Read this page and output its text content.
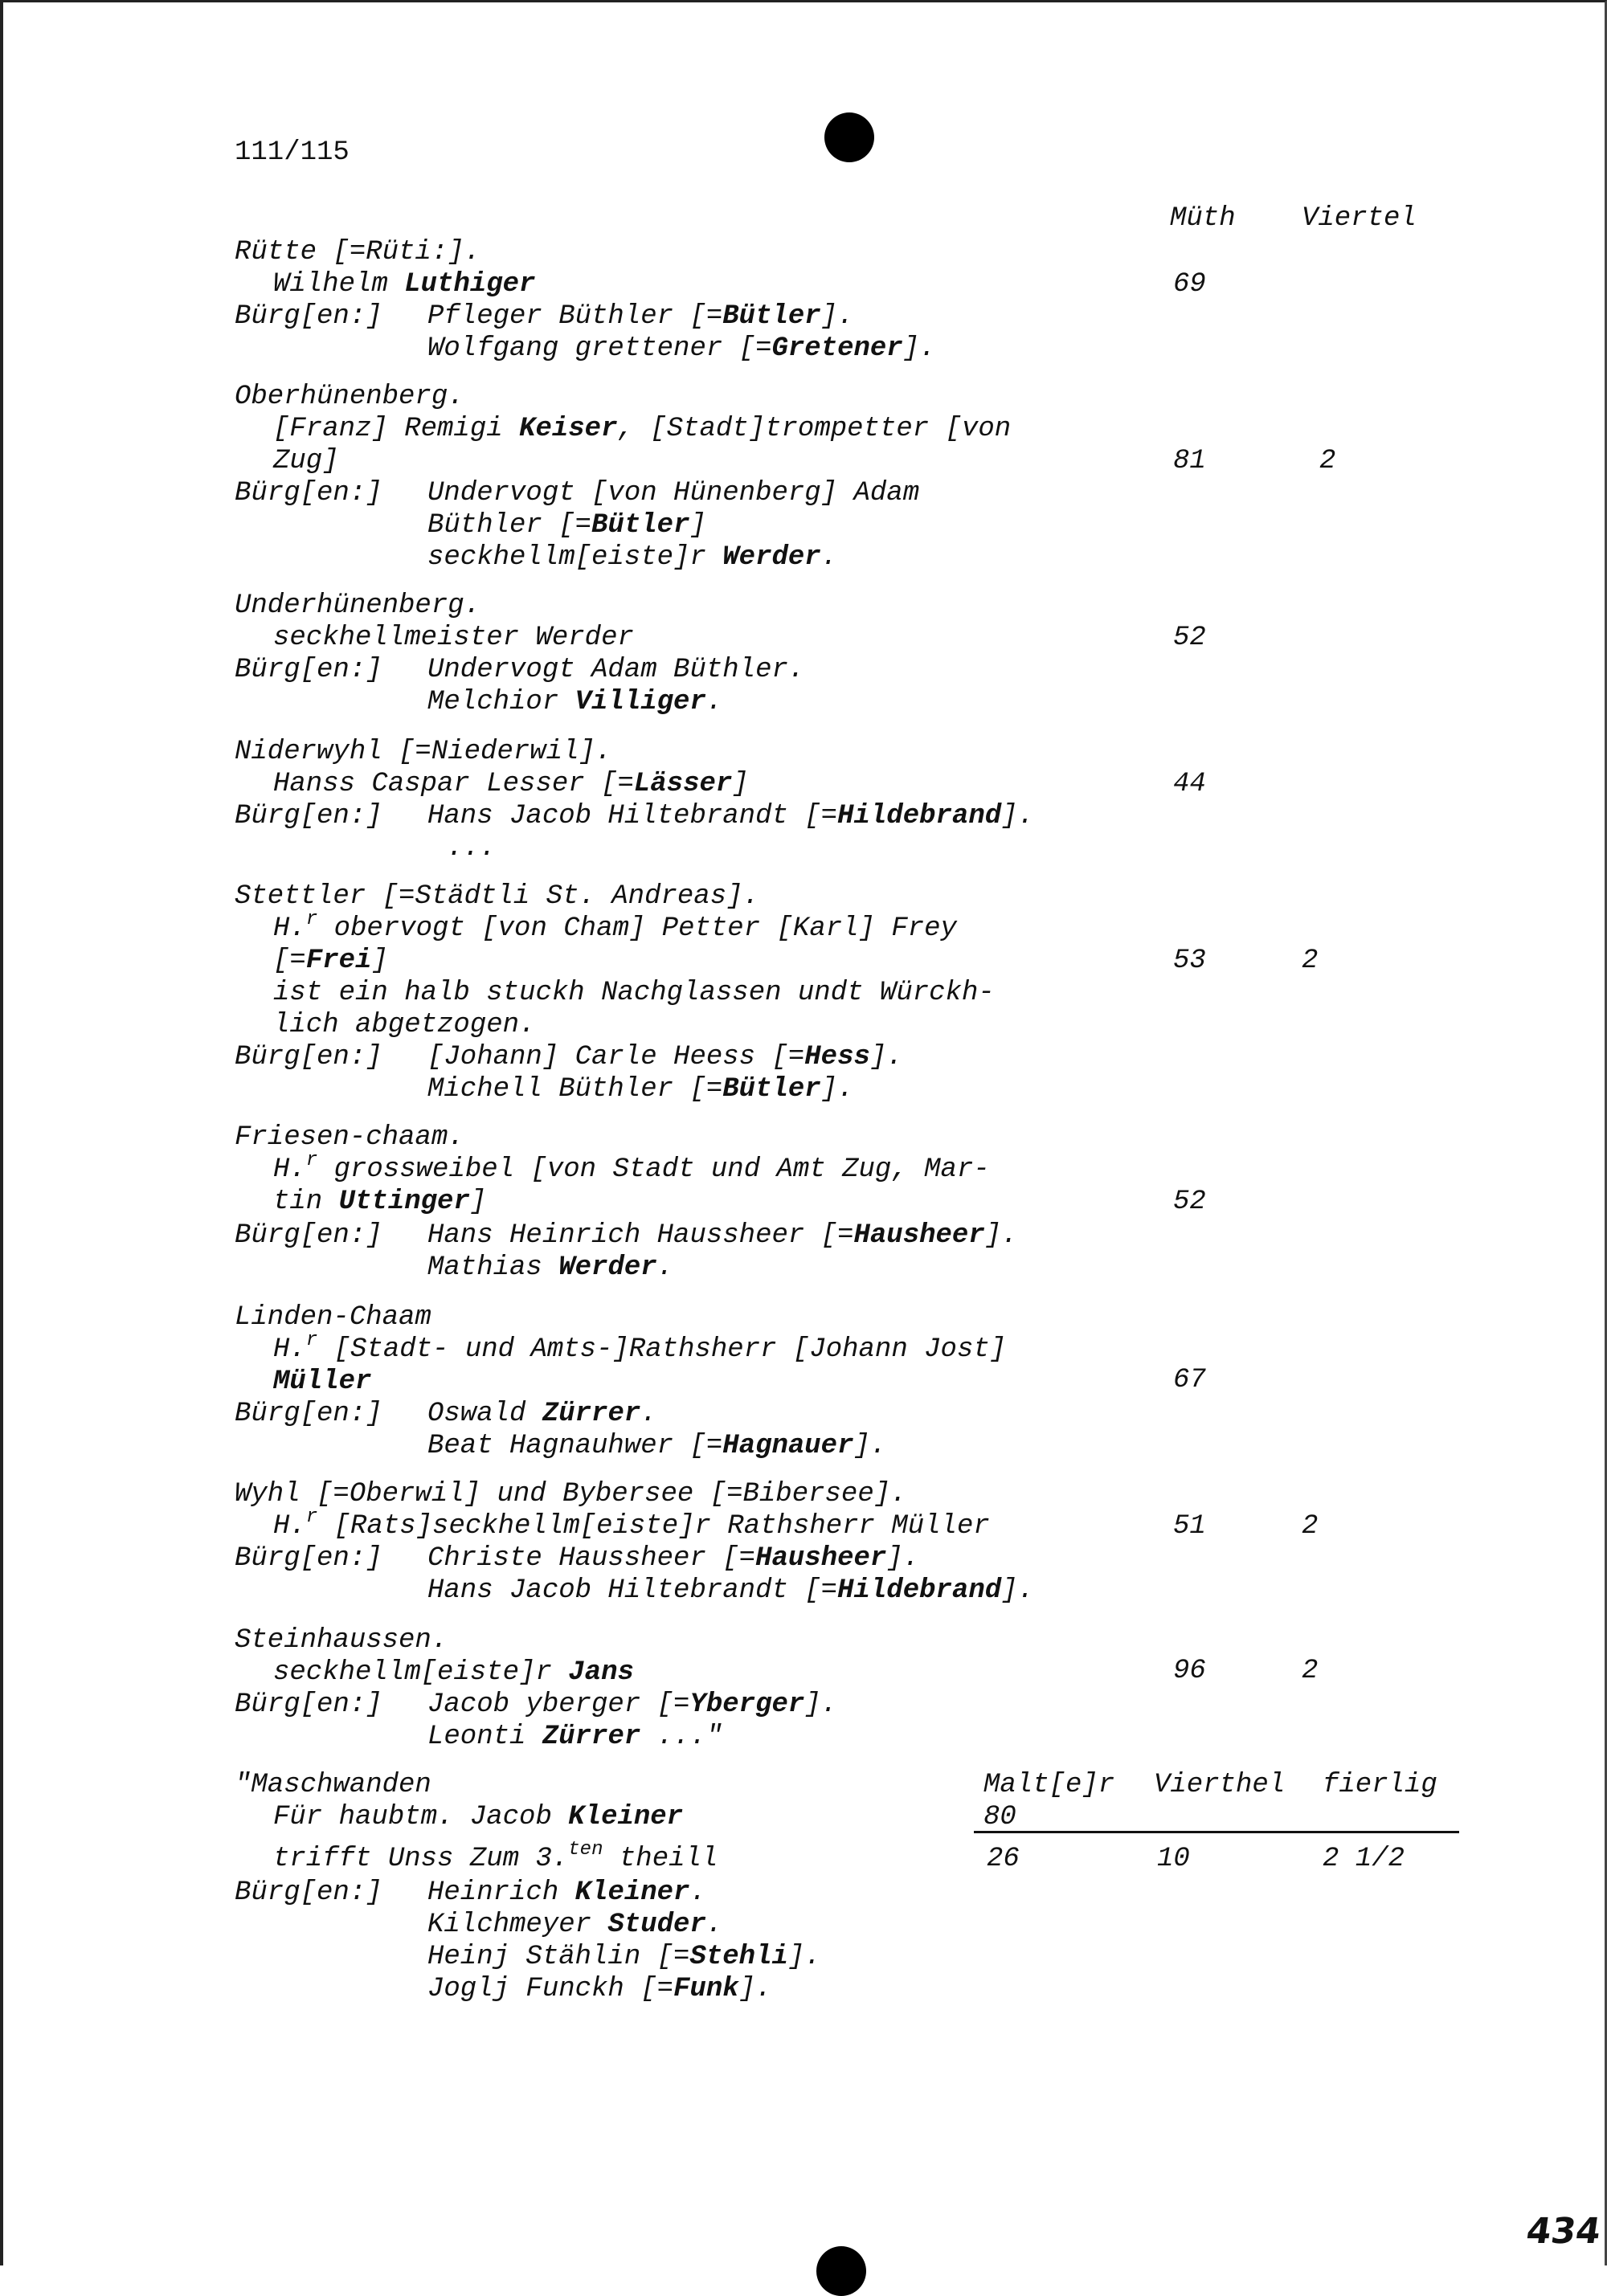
111/115
Müth Viertel
Rütte [=Rüti:].
Wilhelm Luthiger	69
Bürg[en:] Pfleger Büthler [=Bütler].
Wolfgang grettener [=Gretener].
Oberhünenberg.
[Franz] Remigi Keiser, [Stadt]trompetter [von
Zug]	81	2
Bürg[en:] Undervogt [von Hünenberg] Adam
Büthler [=Bütler]
seckhellm[eiste]r Werder.
Underhünenberg.
seckhellmeister Werder	52
Bürg[en:] Undervogt Adam Büthler.
Melchior Villiger.
Niderwyhl [=Niederwil].
Hanss Caspar Lesser [=Lässer]	44
Bürg[en:] Hans Jacob Hiltebrandt [=Hildebrand].
...
Stettler [=Städtli St. Andreas].
H.$^r$ obervogt [von Cham] Petter [Karl] Frey
[=Frei]	53	2
ist ein halb stuckh Nachglassen undt Würckh-
lich abgetzogen.
Bürg[en:] [Johann] Carle Heess [=Hess].
Michell Büthler [=Bütler].
Friesen-chaam.
H.$^r$ grossweibel [von Stadt und Amt Zug, Mar-
tin Uttinger]	52
Bürg[en:] Hans Heinrich Haussheer [=Hausheer].
Mathias Werder.
Linden-Chaam
H.$^r$ [Stadt- und Amts-]Rathsherr [Johann Jost]
Müller	67
Bürg[en:] Oswald Zürrer.
Beat Hagnauhwer [=Hagnauer].
Wyhl [=Oberwil] und Bybersee [=Bibersee].
H.$^r$ [Rats]seckhellm[eiste]r Rathsherr Müller	51	2
Bürg[en:] Christe Haussheer [=Hausheer].
Hans Jacob Hiltebrandt [=Hildebrand].
Steinhaussen.
seckhellm[eiste]r Jans	96	2
Bürg[en:] Jacob yberger [=Yberger].
Leonti Zürrer ..."
"Maschwanden	Malt[e]r Vierthel fierlig
Für haubtm. Jacob Kleiner	80
trifft Unss Zum 3.$^{ten}$ theill	26	10	2 1/2
Bürg[en:] Heinrich Kleiner.
Kilchmeyer Studer.
Heinj Stählin [=Stehli].
Joglj Funckh [=Funk].
434
